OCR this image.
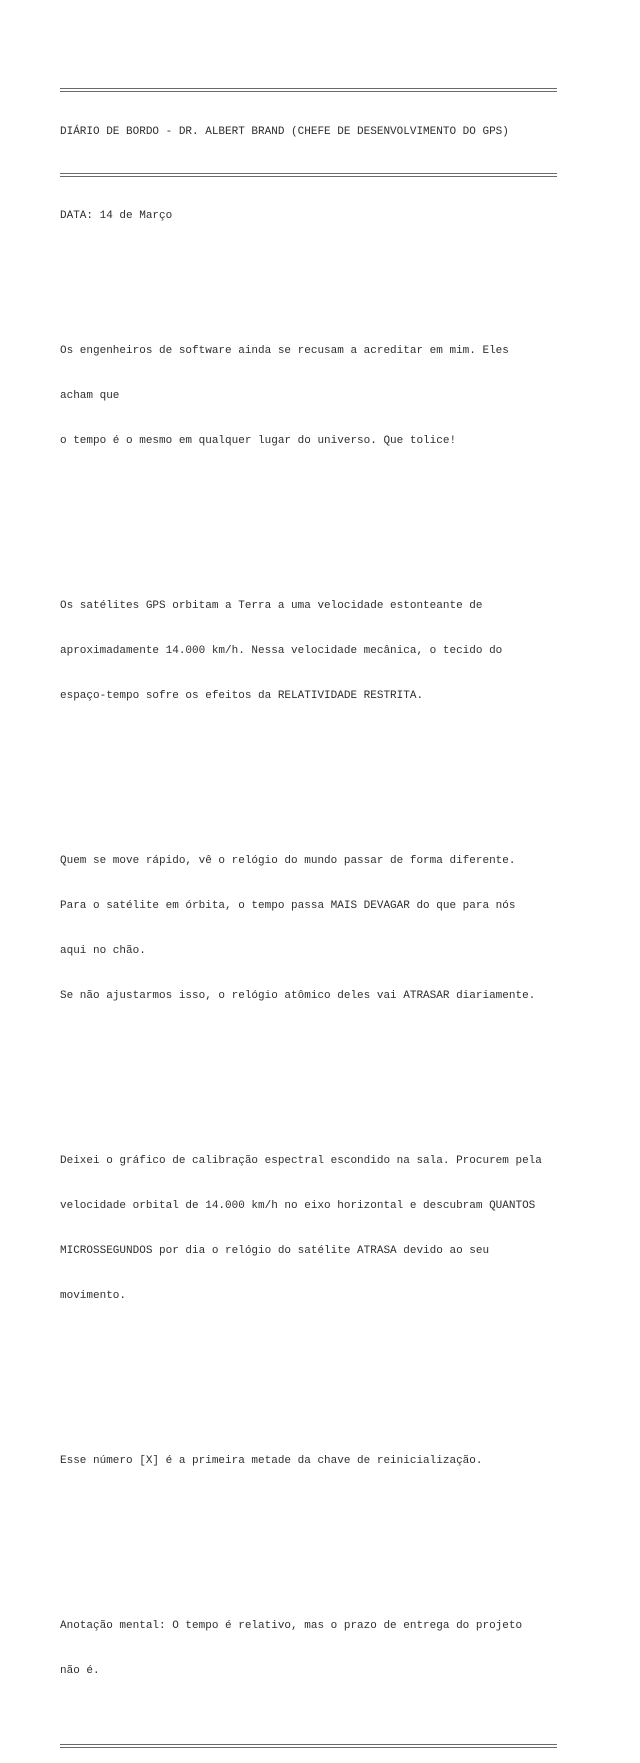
DIÁRIO DE BORDO - DR. ALBERT BRAND (CHEFE DE DESENVOLVIMENTO DO GPS)

DATA: 14 de Março

Os engenheiros de software ainda se recusam a acreditar em mim. Eles

acham que

o tempo é o mesmo em qualquer lugar do universo. Que tolice!

Os satélites GPS orbitam a Terra a uma velocidade estonteante de

aproximadamente 14.000 km/h. Nessa velocidade mecânica, o tecido do

espaço-tempo sofre os efeitos da RELATIVIDADE RESTRITA.

Quem se move rápido, vê o relógio do mundo passar de forma diferente.

Para o satélite em órbita, o tempo passa MAIS DEVAGAR do que para nós

aqui no chão.

Se não ajustarmos isso, o relógio atômico deles vai ATRASAR diariamente.

Deixei o gráfico de calibração espectral escondido na sala. Procurem pela

velocidade orbital de 14.000 km/h no eixo horizontal e descubram QUANTOS

MICROSSEGUNDOS por dia o relógio do satélite ATRASA devido ao seu

movimento.

Esse número [X] é a primeira metade da chave de reinicialização.

Anotação mental: O tempo é relativo, mas o prazo de entrega do projeto

não é.
